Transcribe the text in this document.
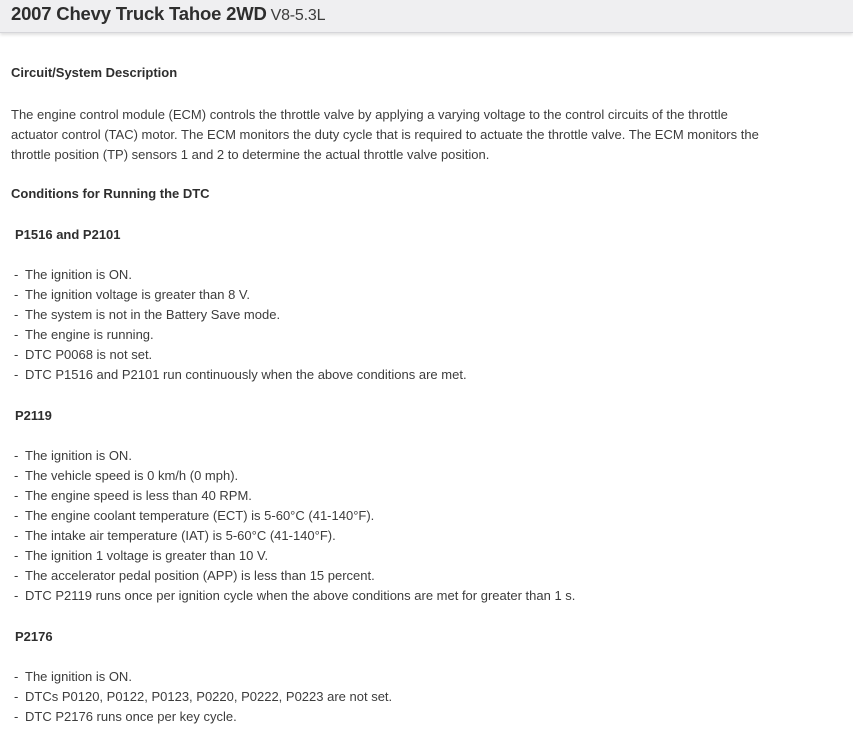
2007 Chevy Truck Tahoe 2WD V8-5.3L
Circuit/System Description
The engine control module (ECM) controls the throttle valve by applying a varying voltage to the control circuits of the throttle actuator control (TAC) motor. The ECM monitors the duty cycle that is required to actuate the throttle valve. The ECM monitors the throttle position (TP) sensors 1 and 2 to determine the actual throttle valve position.
Conditions for Running the DTC
P1516 and P2101
- The ignition is ON.
- The ignition voltage is greater than 8 V.
- The system is not in the Battery Save mode.
- The engine is running.
- DTC P0068 is not set.
- DTC P1516 and P2101 run continuously when the above conditions are met.
P2119
- The ignition is ON.
- The vehicle speed is 0 km/h (0 mph).
- The engine speed is less than 40 RPM.
- The engine coolant temperature (ECT) is 5-60°C (41-140°F).
- The intake air temperature (IAT) is 5-60°C (41-140°F).
- The ignition 1 voltage is greater than 10 V.
- The accelerator pedal position (APP) is less than 15 percent.
- DTC P2119 runs once per ignition cycle when the above conditions are met for greater than 1 s.
P2176
- The ignition is ON.
- DTCs P0120, P0122, P0123, P0220, P0222, P0223 are not set.
- DTC P2176 runs once per key cycle.
